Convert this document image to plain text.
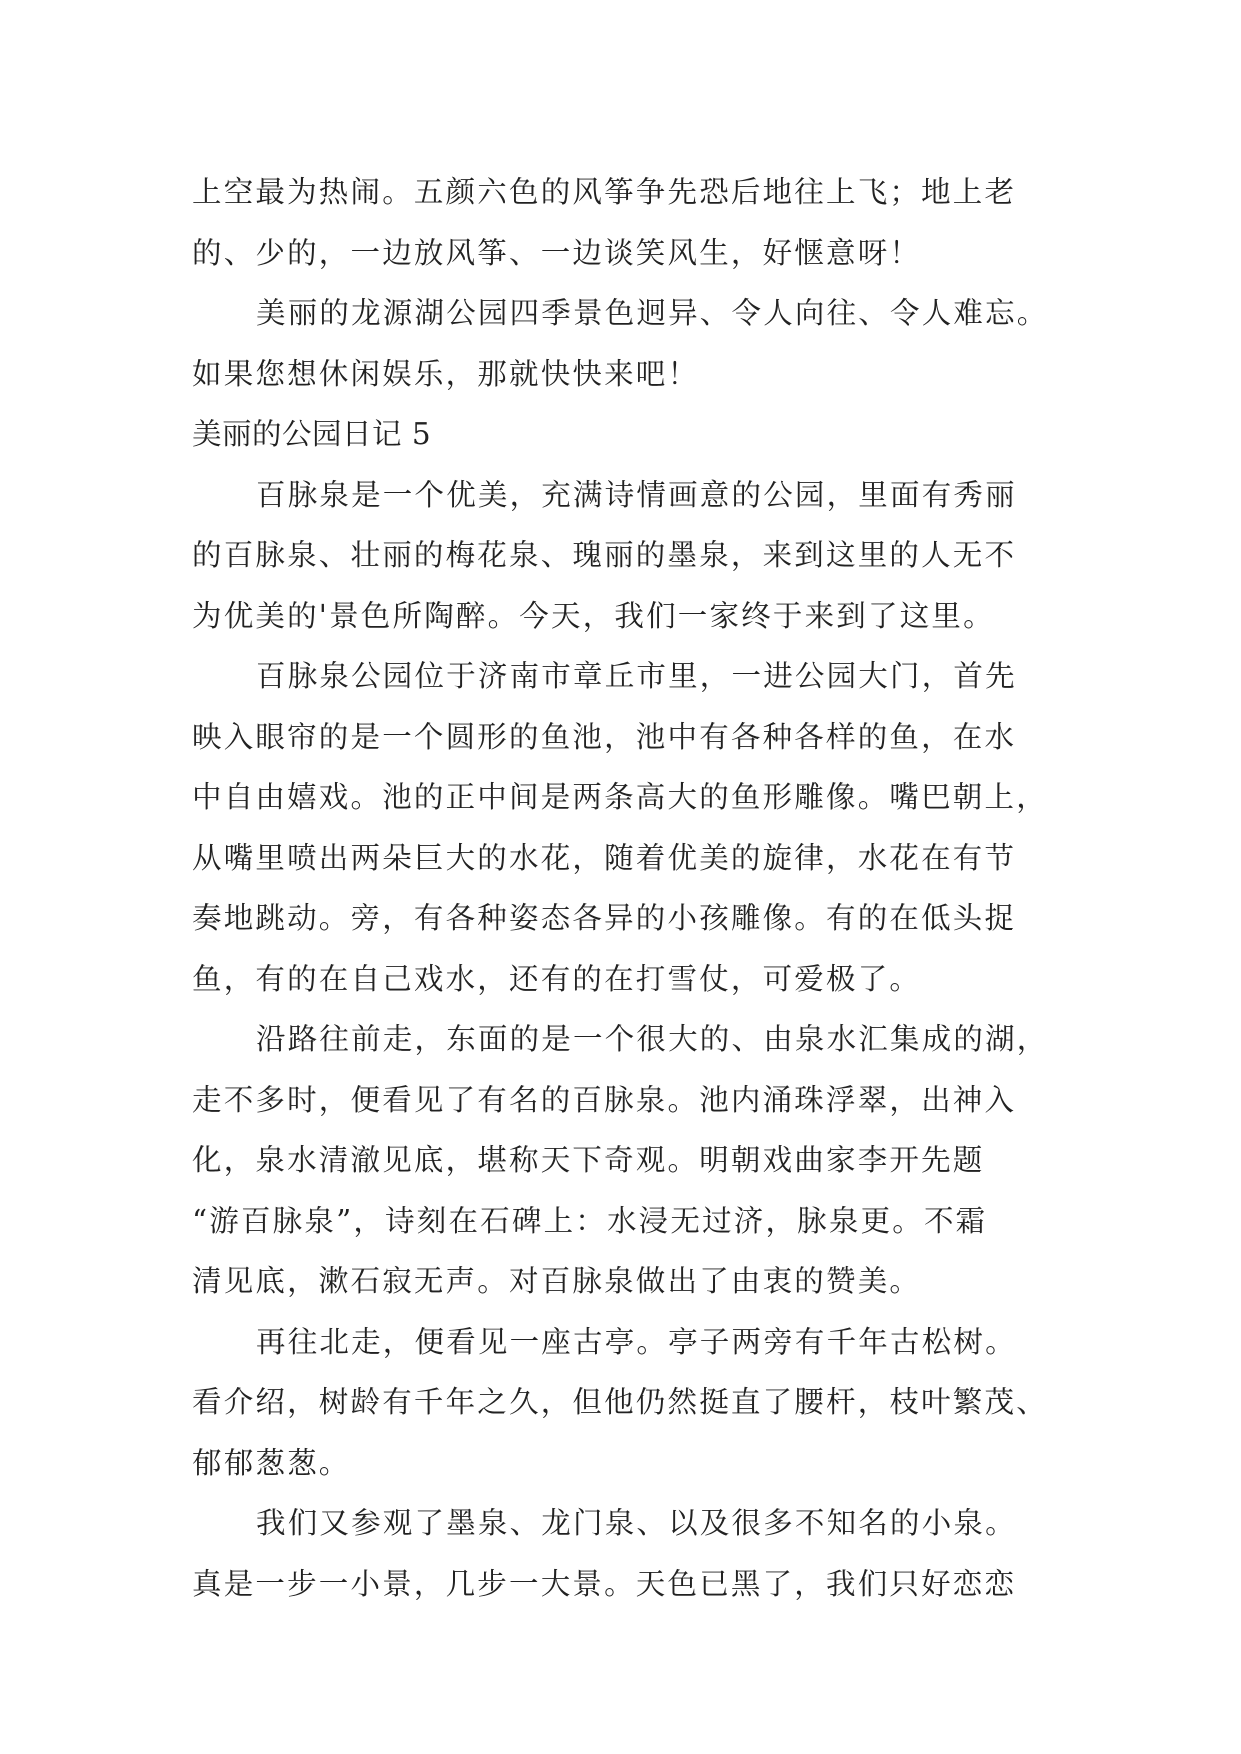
上空最为热闹。五颜六色的风筝争先恐后地往上飞；地上老
的、少的，一边放风筝、一边谈笑风生，好惬意呀！
美丽的龙源湖公园四季景色迥异、令人向往、令人难忘。
如果您想休闲娱乐，那就快快来吧！
美丽的公园日记 5
百脉泉是一个优美，充满诗情画意的公园，里面有秀丽
的百脉泉、壮丽的梅花泉、瑰丽的墨泉，来到这里的人无不
为优美的'景色所陶醉。今天，我们一家终于来到了这里。
百脉泉公园位于济南市章丘市里，一进公园大门，首先
映入眼帘的是一个圆形的鱼池，池中有各种各样的鱼，在水
中自由嬉戏。池的正中间是两条高大的鱼形雕像。嘴巴朝上，
从嘴里喷出两朵巨大的水花，随着优美的旋律，水花在有节
奏地跳动。旁，有各种姿态各异的小孩雕像。有的在低头捉
鱼，有的在自己戏水，还有的在打雪仗，可爱极了。
沿路往前走，东面的是一个很大的、由泉水汇集成的湖，
走不多时，便看见了有名的百脉泉。池内涌珠浮翠，出神入
化，泉水清澈见底，堪称天下奇观。明朝戏曲家李开先题
“游百脉泉”，诗刻在石碑上：水浸无过济，脉泉更。不霜
清见底，漱石寂无声。对百脉泉做出了由衷的赞美。
再往北走，便看见一座古亭。亭子两旁有千年古松树。
看介绍，树龄有千年之久，但他仍然挺直了腰杆，枝叶繁茂、
郁郁葱葱。
我们又参观了墨泉、龙门泉、以及很多不知名的小泉。
真是一步一小景，几步一大景。天色已黑了，我们只好恋恋
